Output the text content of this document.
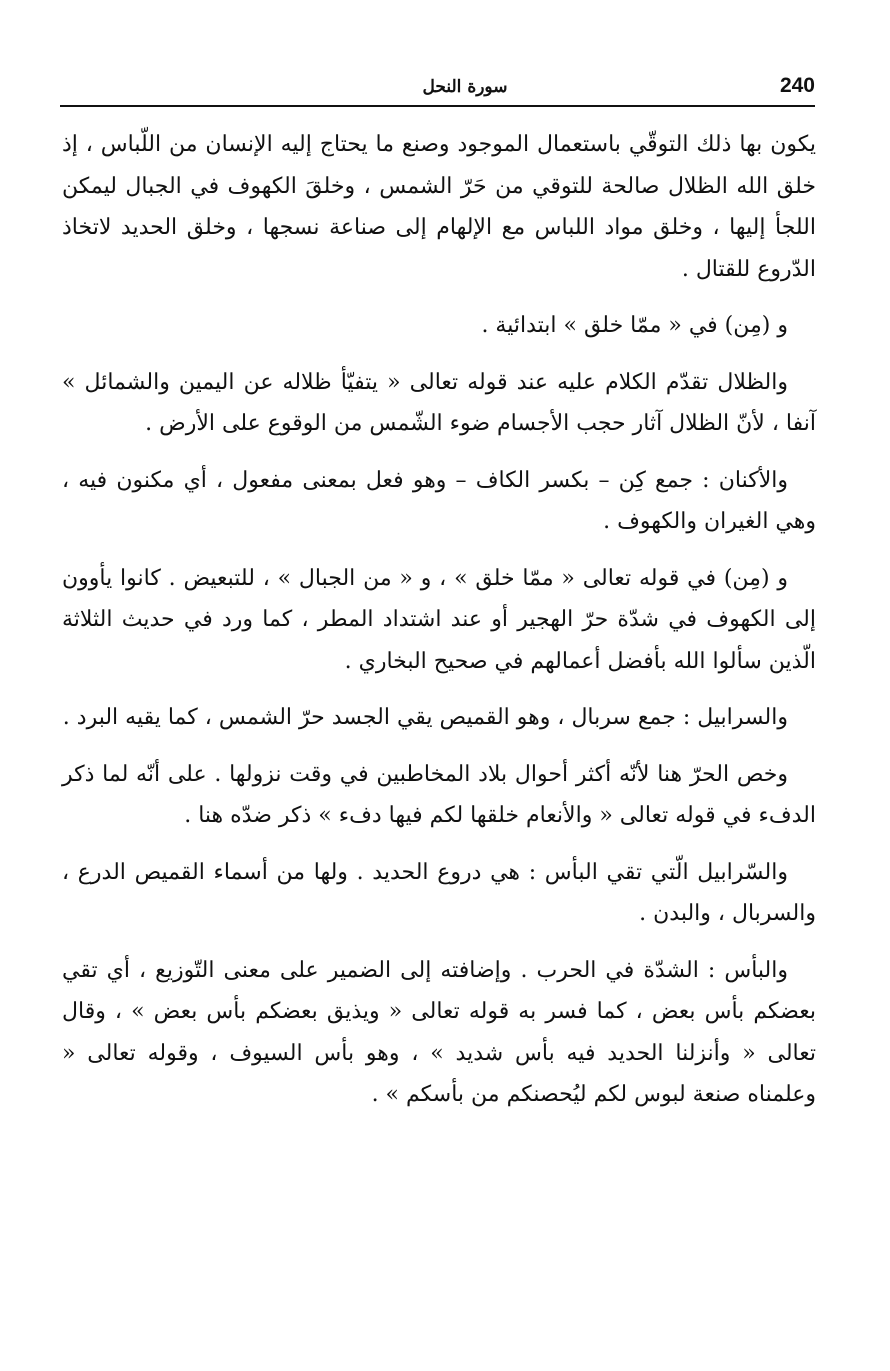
سورة النحل	240

يكون بها ذلك التوقّي باستعمال الموجود وصنع ما يحتاج إليه الإنسان من اللّباس ، إذ خلق الله الظلال صالحة للتوقي من حَرّ الشمس ، وخلقَ الكهوف في الجبال ليمكن اللجأ إليها ، وخلق مواد اللباس مع الإلهام إلى صناعة نسجها ، وخلق الحديد لاتخاذ الدّروع للقتال .

و (مِن) في « ممّا خلق » ابتدائية .

والظلال تقدّم الكلام عليه عند قوله تعالى « يتفيّأ ظلاله عن اليمين والشمائل » آنفا ، لأنّ الظلال آثار حجب الأجسام ضوء الشّمس من الوقوع على الأرض .

والأكنان : جمع كِن – بكسر الكاف – وهو فعل بمعنى مفعول ، أي مكنون فيه ، وهي الغيران والكهوف .

و (مِن) في قوله تعالى « ممّا خلق » ، و « من الجبال » ، للتبعيض . كانوا يأوون إلى الكهوف في شدّة حرّ الهجير أو عند اشتداد المطر ، كما ورد في حديث الثلاثة الّذين سألوا الله بأفضل أعمالهم في صحيح البخاري .

والسرابيل : جمع سربال ، وهو القميص يقي الجسد حرّ الشمس ، كما يقيه البرد .

وخص الحرّ هنا لأنّه أكثر أحوال بلاد المخاطبين في وقت نزولها . على أنّه لما ذكر الدفء في قوله تعالى « والأنعام خلقها لكم فيها دفء » ذكر ضدّه هنا .

والسّرابيل الّتي تقي البأس : هي دروع الحديد . ولها من أسماء القميص الدرع ، والسربال ، والبدن .

والبأس : الشدّة في الحرب . وإضافته إلى الضمير على معنى التّوزيع ، أي تقي بعضكم بأس بعض ، كما فسر به قوله تعالى « ويذيق بعضكم بأس بعض » ، وقال تعالى « وأنزلنا الحديد فيه بأس شديد » ، وهو بأس السيوف ، وقوله تعالى « وعلمناه صنعة لبوس لكم ليُحصنكم من بأسكم » .
